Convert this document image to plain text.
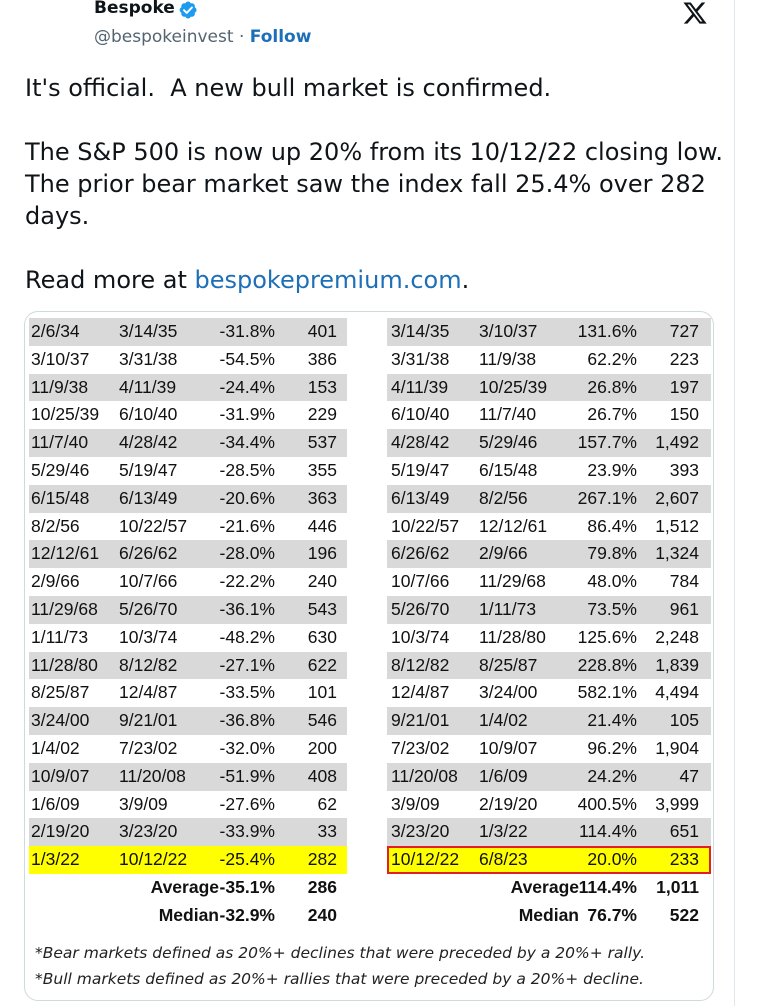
Bespoke
@bespokeinvest · Follow

It's official.  A new bull market is confirmed.

The S&P 500 is now up 20% from its 10/12/22 closing low. The prior bear market saw the index fall 25.4% over 282 days.

Read more at bespokepremium.com.

2/6/34 3/14/35 -31.8% 401
3/10/37 3/31/38 -54.5% 386
11/9/38 4/11/39 -24.4% 153
10/25/39 6/10/40 -31.9% 229
11/7/40 4/28/42 -34.4% 537
5/29/46 5/19/47 -28.5% 355
6/15/48 6/13/49 -20.6% 363
8/2/56 10/22/57 -21.6% 446
12/12/61 6/26/62 -28.0% 196
2/9/66 10/7/66 -22.2% 240
11/29/68 5/26/70 -36.1% 543
1/11/73 10/3/74 -48.2% 630
11/28/80 8/12/82 -27.1% 622
8/25/87 12/4/87 -33.5% 101
3/24/00 9/21/01 -36.8% 546
1/4/02 7/23/02 -32.0% 200
10/9/07 11/20/08 -51.9% 408
1/6/09 3/9/09	-27.6% 62
2/19/20 3/23/20 -33.9% 33
1/3/22 10/12/22 -25.4% 282
Average -35.1% 286
Median -32.9% 240
3/14/35 3/10/37 131.6% 727
3/31/38 11/9/38	62.2% 223
4/11/39 10/25/39 26.8% 197
6/10/40 11/7/40	26.7% 150
4/28/42 5/29/46 157.7% 1,492
5/19/47 6/15/48	23.9% 393
6/13/49 8/2/56	267.1% 2,607
10/22/57 12/12/61 86.4% 1,512
6/26/62 2/9/66	79.8% 1,324
10/7/66 11/29/68 48.0% 784
5/26/70 1/11/73	73.5% 961
10/3/74 11/28/80 125.6% 2,248
8/12/82 8/25/87 228.8% 1,839
12/4/87 3/24/00 582.1% 4,494
9/21/01 1/4/02	21.4% 105
7/23/02 10/9/07	96.2% 1,904
11/20/08 1/6/09	24.2% 47
3/9/09 2/19/20 400.5% 3,999
3/23/20 1/3/22	114.4% 651
10/12/22 6/8/23	20.0% 233
Average 114.4% 1,011
Median 76.7% 522
*Bear markets defined as 20%+ declines that were preceded by a 20%+ rally.
*Bull markets defined as 20%+ rallies that were preceded by a 20%+ decline.
